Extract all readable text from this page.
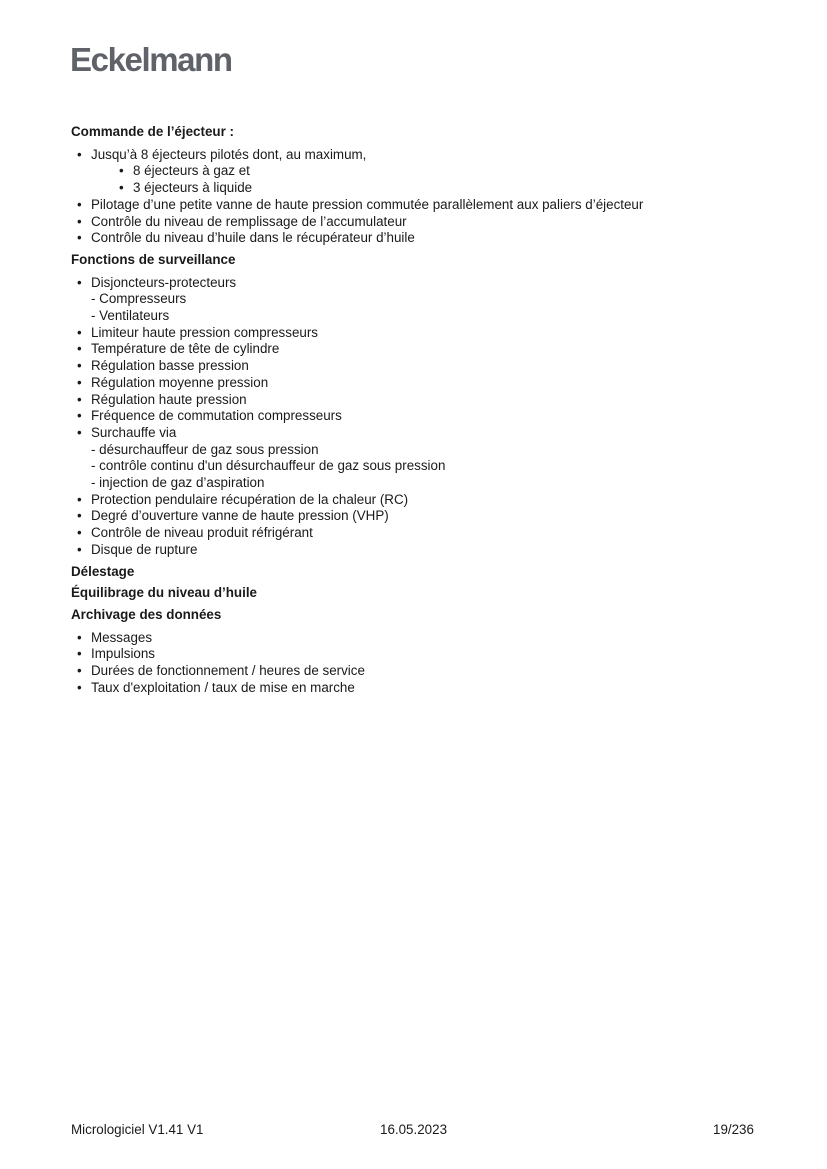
Eckelmann

Commande de l’éjecteur :

• Jusqu’à 8 éjecteurs pilotés dont, au maximum,
• 8 éjecteurs à gaz et
• 3 éjecteurs à liquide
• Pilotage d’une petite vanne de haute pression commutée parallèlement aux paliers d’éjecteur
• Contrôle du niveau de remplissage de l’accumulateur
• Contrôle du niveau d’huile dans le récupérateur d’huile

Fonctions de surveillance

• Disjoncteurs-protecteurs
- Compresseurs
- Ventilateurs
• Limiteur haute pression compresseurs
• Température de tête de cylindre
• Régulation basse pression
• Régulation moyenne pression
• Régulation haute pression
• Fréquence de commutation compresseurs
• Surchauffe via
- désurchauffeur de gaz sous pression
- contrôle continu d'un désurchauffeur de gaz sous pression
- injection de gaz d’aspiration
• Protection pendulaire récupération de la chaleur (RC)
• Degré d’ouverture vanne de haute pression (VHP)
• Contrôle de niveau produit réfrigérant
• Disque de rupture

Délestage

Équilibrage du niveau d’huile

Archivage des données

• Messages
• Impulsions
• Durées de fonctionnement / heures de service
• Taux d'exploitation / taux de mise en marche
Micrologiciel V1.41 V1	16.05.2023	19/236
